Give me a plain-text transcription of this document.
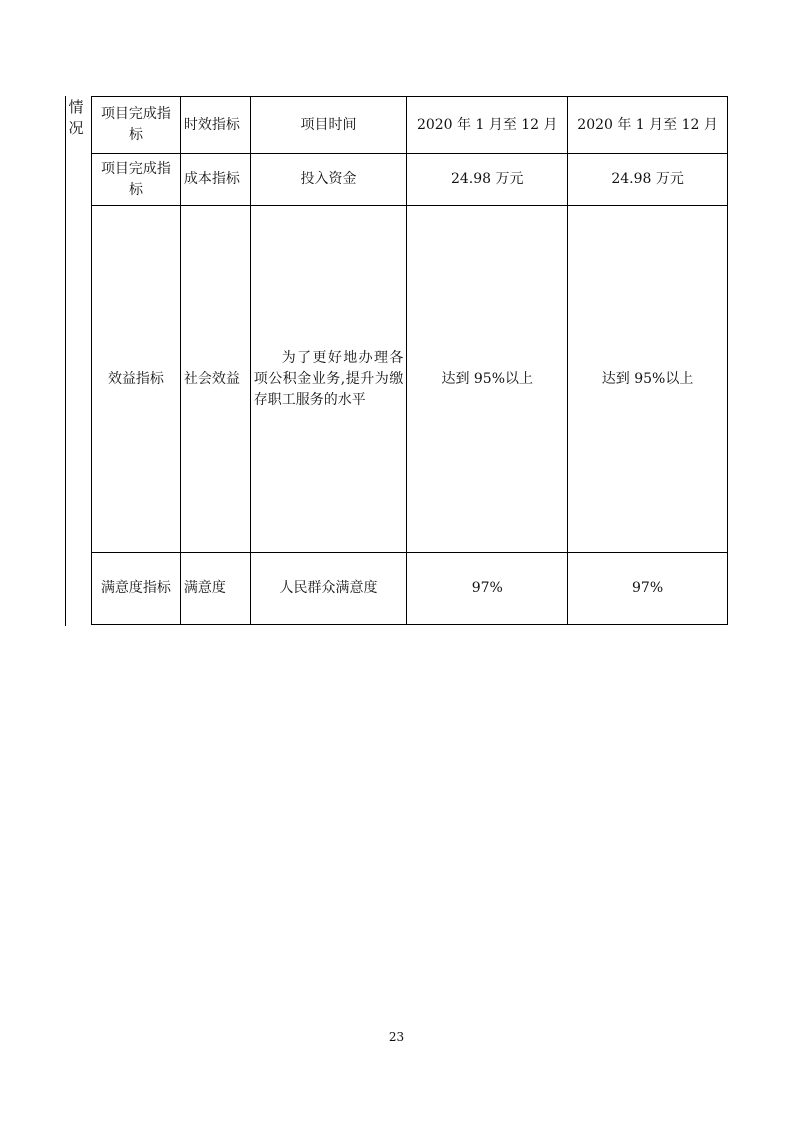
情况
项目完成指标	时效指标	项目时间	2020 年 1 月至 12 月	2020 年 1 月至 12 月
项目完成指标	成本指标	投入资金	24.98 万元	24.98 万元
效益指标	社会效益	为了更好地办理各项公积金业务,提升为缴存职工服务的水平	达到 95%以上	达到 95%以上
满意度指标	满意度	人民群众满意度	97%	97%
23
